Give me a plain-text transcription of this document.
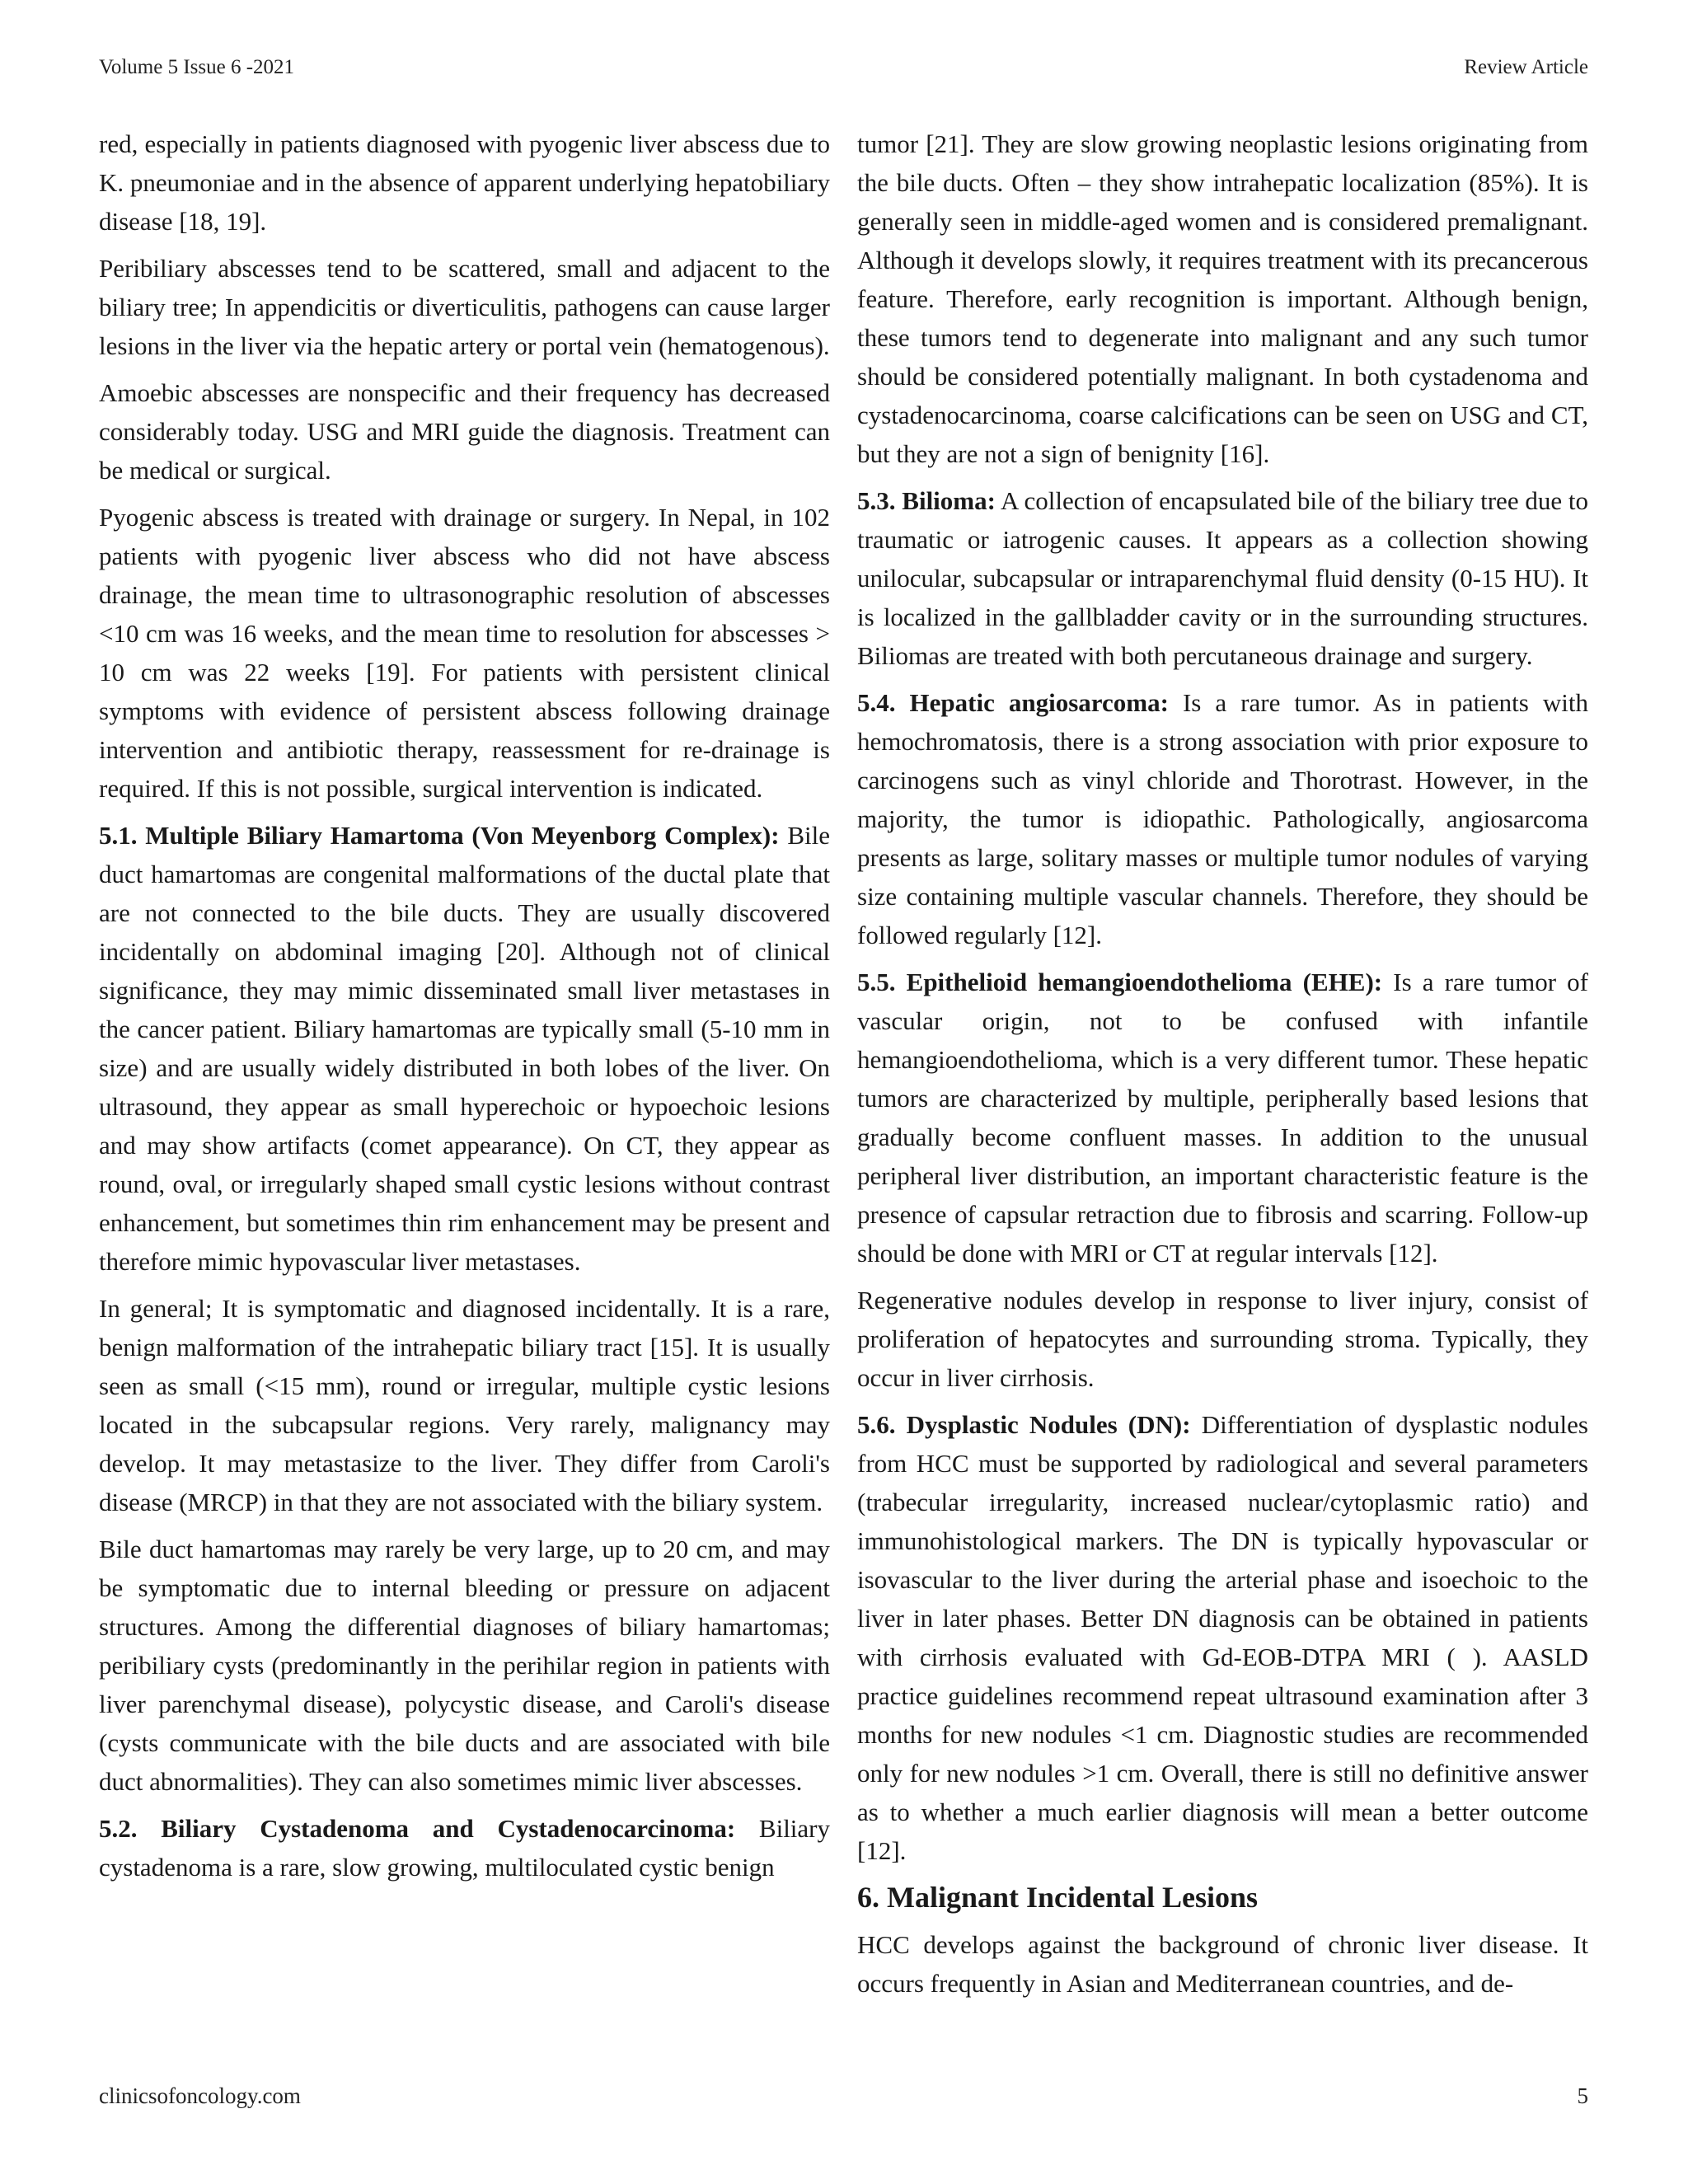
Volume 5 Issue 6 -2021	Review Article

red, especially in patients diagnosed with pyogenic liver abscess due to K. pneumoniae and in the absence of apparent underlying hepatobiliary disease [18, 19].

Peribiliary abscesses tend to be scattered, small and adjacent to the biliary tree; In appendicitis or diverticulitis, pathogens can cause larger lesions in the liver via the hepatic artery or portal vein (hematogenous).

Amoebic abscesses are nonspecific and their frequency has decreased considerably today. USG and MRI guide the diagnosis. Treatment can be medical or surgical.

Pyogenic abscess is treated with drainage or surgery. In Nepal, in 102 patients with pyogenic liver abscess who did not have abscess drainage, the mean time to ultrasonographic resolution of abscesses <10 cm was 16 weeks, and the mean time to resolution for abscesses > 10 cm was 22 weeks [19]. For patients with persistent clinical symptoms with evidence of persistent abscess following drainage intervention and antibiotic therapy, reassessment for re-drainage is required. If this is not possible, surgical intervention is indicated.

5.1. Multiple Biliary Hamartoma (Von Meyenborg Complex): Bile duct hamartomas are congenital malformations of the ductal plate that are not connected to the bile ducts. They are usually discovered incidentally on abdominal imaging [20]. Although not of clinical significance, they may mimic disseminated small liver metastases in the cancer patient. Biliary hamartomas are typically small (5-10 mm in size) and are usually widely distributed in both lobes of the liver. On ultrasound, they appear as small hyperechoic or hypoechoic lesions and may show artifacts (comet appearance). On CT, they appear as round, oval, or irregularly shaped small cystic lesions without contrast enhancement, but sometimes thin rim enhancement may be present and therefore mimic hypovascular liver metastases.

In general; It is symptomatic and diagnosed incidentally. It is a rare, benign malformation of the intrahepatic biliary tract [15]. It is usually seen as small (<15 mm), round or irregular, multiple cystic lesions located in the subcapsular regions. Very rarely, malignancy may develop. It may metastasize to the liver. They differ from Caroli's disease (MRCP) in that they are not associated with the biliary system.

Bile duct hamartomas may rarely be very large, up to 20 cm, and may be symptomatic due to internal bleeding or pressure on adjacent structures. Among the differential diagnoses of biliary hamartomas; peribiliary cysts (predominantly in the perihilar region in patients with liver parenchymal disease), polycystic disease, and Caroli's disease (cysts communicate with the bile ducts and are associated with bile duct abnormalities). They can also sometimes mimic liver abscesses.

5.2. Biliary Cystadenoma and Cystadenocarcinoma: Biliary cystadenoma is a rare, slow growing, multiloculated cystic benign

tumor [21]. They are slow growing neoplastic lesions originating from the bile ducts. Often – they show intrahepatic localization (85%). It is generally seen in middle-aged women and is considered premalignant. Although it develops slowly, it requires treatment with its precancerous feature. Therefore, early recognition is important. Although benign, these tumors tend to degenerate into malignant and any such tumor should be considered potentially malignant. In both cystadenoma and cystadenocarcinoma, coarse calcifications can be seen on USG and CT, but they are not a sign of benignity [16].

5.3. Bilioma: A collection of encapsulated bile of the biliary tree due to traumatic or iatrogenic causes. It appears as a collection showing unilocular, subcapsular or intraparenchymal fluid density (0-15 HU). It is localized in the gallbladder cavity or in the surrounding structures. Biliomas are treated with both percutaneous drainage and surgery.

5.4. Hepatic angiosarcoma: Is a rare tumor. As in patients with hemochromatosis, there is a strong association with prior exposure to carcinogens such as vinyl chloride and Thorotrast. However, in the majority, the tumor is idiopathic. Pathologically, angiosarcoma presents as large, solitary masses or multiple tumor nodules of varying size containing multiple vascular channels. Therefore, they should be followed regularly [12].

5.5. Epithelioid hemangioendothelioma (EHE): Is a rare tumor of vascular origin, not to be confused with infantile hemangioendothelioma, which is a very different tumor. These hepatic tumors are characterized by multiple, peripherally based lesions that gradually become confluent masses. In addition to the unusual peripheral liver distribution, an important characteristic feature is the presence of capsular retraction due to fibrosis and scarring. Follow-up should be done with MRI or CT at regular intervals [12].

Regenerative nodules develop in response to liver injury, consist of proliferation of hepatocytes and surrounding stroma. Typically, they occur in liver cirrhosis.

5.6. Dysplastic Nodules (DN): Differentiation of dysplastic nodules from HCC must be supported by radiological and several parameters (trabecular irregularity, increased nuclear/cytoplasmic ratio) and immunohistological markers. The DN is typically hypovascular or isovascular to the liver during the arterial phase and isoechoic to the liver in later phases. Better DN diagnosis can be obtained in patients with cirrhosis evaluated with Gd-EOB-DTPA MRI ( ). AASLD practice guidelines recommend repeat ultrasound examination after 3 months for new nodules <1 cm. Diagnostic studies are recommended only for new nodules >1 cm. Overall, there is still no definitive answer as to whether a much earlier diagnosis will mean a better outcome [12].

6. Malignant Incidental Lesions

HCC develops against the background of chronic liver disease. It occurs frequently in Asian and Mediterranean countries, and de-

clinicsofoncology.com	5
